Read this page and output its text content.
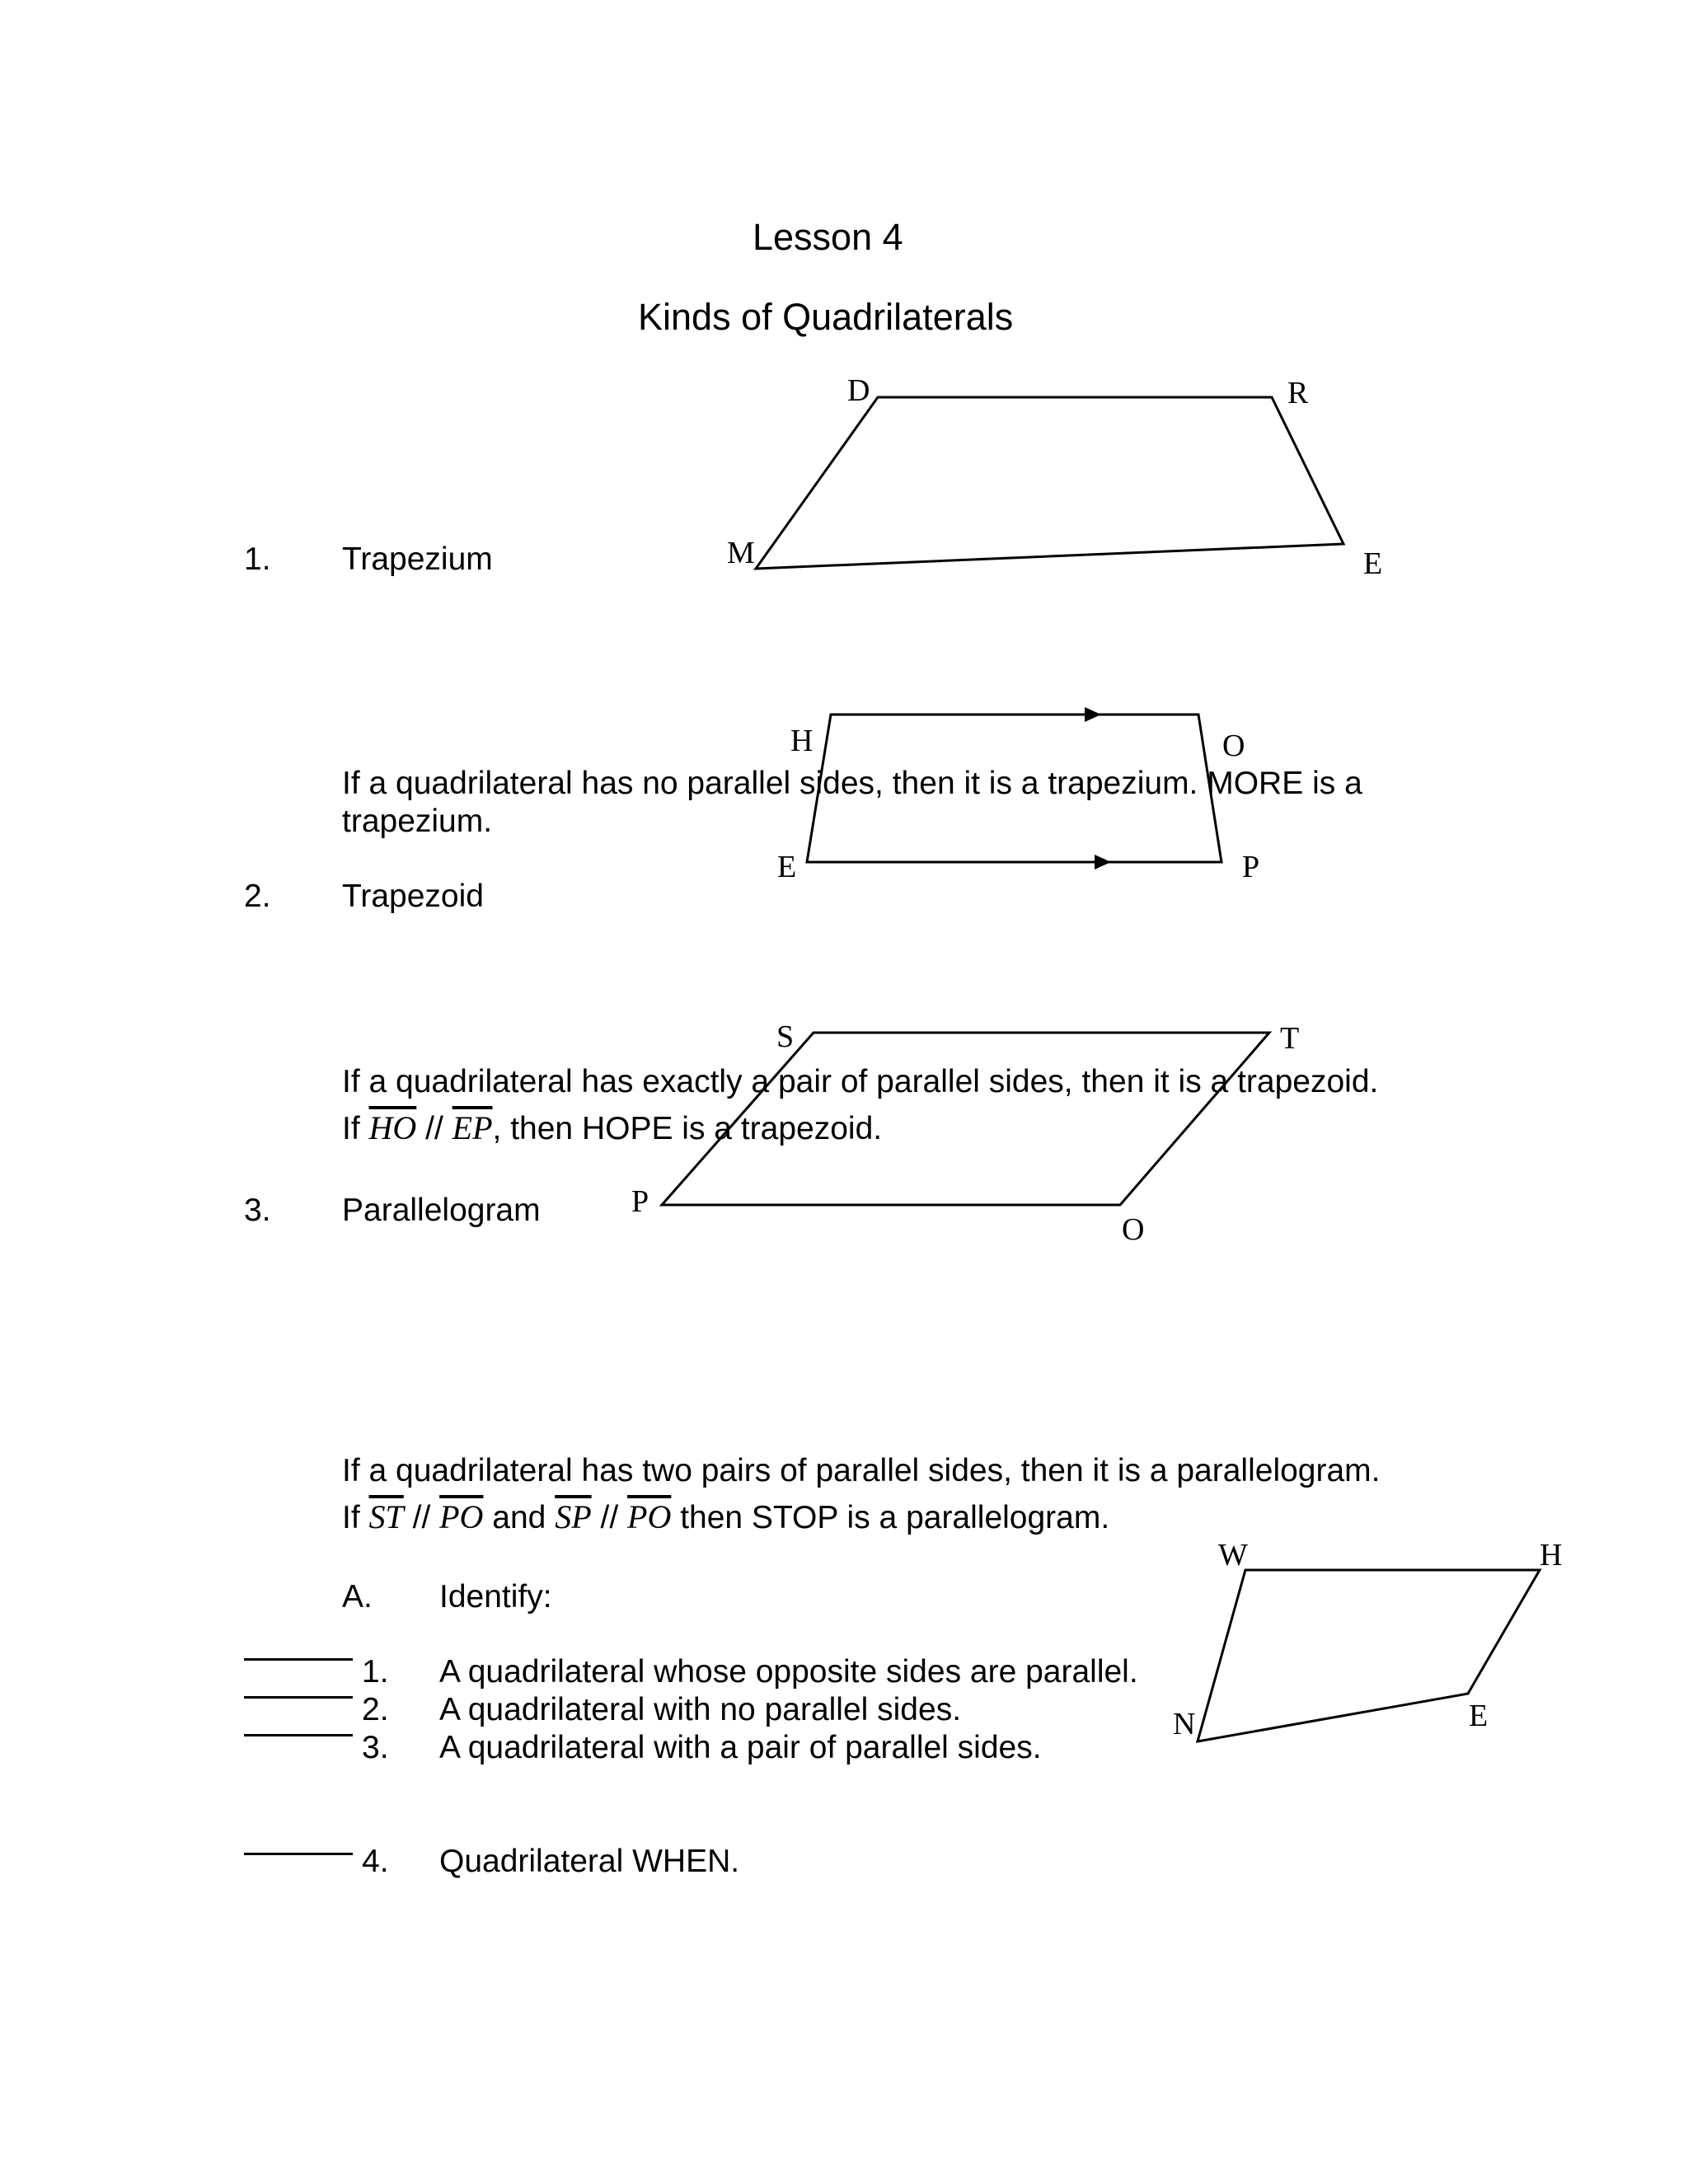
Lesson 4
Kinds of Quadrilaterals
1. Trapezium
D	R
M	E
If a quadrilateral has no parallel sides, then it is a trapezium. MORE is a
trapezium.
H	O
E	P
2. Trapezoid
If a quadrilateral has exactly a pair of parallel sides, then it is a trapezoid.
If $\overline{HO} // \overline{EP}$, then HOPE is a trapezoid.
S	T
P
O
3. Parallelogram
If a quadrilateral has two pairs of parallel sides, then it is a parallelogram.
If $\overline{ST} // \overline{PO}$ and $\overline{SP} // \overline{PO}$ then STOP is a parallelogram.
A. Identify:
1. A quadrilateral whose opposite sides are parallel.
2. A quadrilateral with no parallel sides.
3. A quadrilateral with a pair of parallel sides.
4. Quadrilateral WHEN.
W	H
N	E
